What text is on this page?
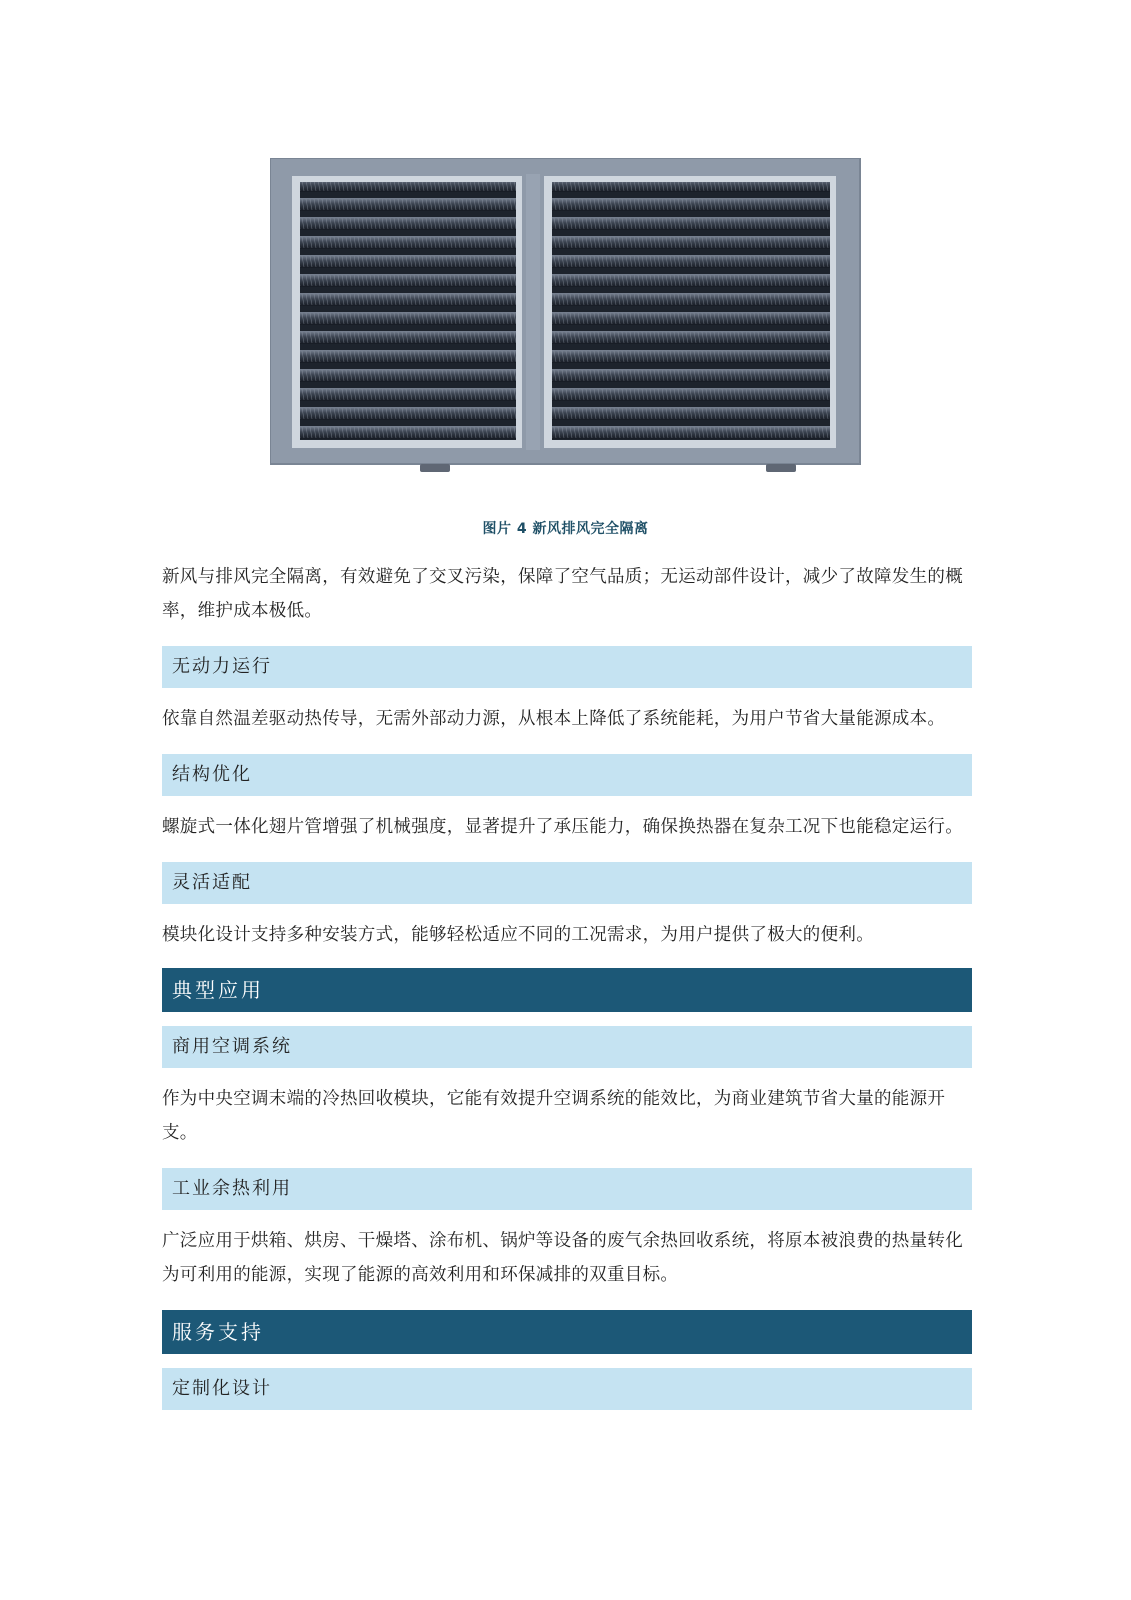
图片 4 新风排风完全隔离

新风与排风完全隔离，有效避免了交叉污染，保障了空气品质；无运动部件设计，减少了故障发生的概率，维护成本极低。

无动力运行

依靠自然温差驱动热传导，无需外部动力源，从根本上降低了系统能耗，为用户节省大量能源成本。

结构优化

螺旋式一体化翅片管增强了机械强度，显著提升了承压能力，确保换热器在复杂工况下也能稳定运行。

灵活适配

模块化设计支持多种安装方式，能够轻松适应不同的工况需求，为用户提供了极大的便利。

典型应用
商用空调系统

作为中央空调末端的冷热回收模块，它能有效提升空调系统的能效比，为商业建筑节省大量的能源开支。

工业余热利用

广泛应用于烘箱、烘房、干燥塔、涂布机、锅炉等设备的废气余热回收系统，将原本被浪费的热量转化为可利用的能源，实现了能源的高效利用和环保减排的双重目标。

服务支持
定制化设计
